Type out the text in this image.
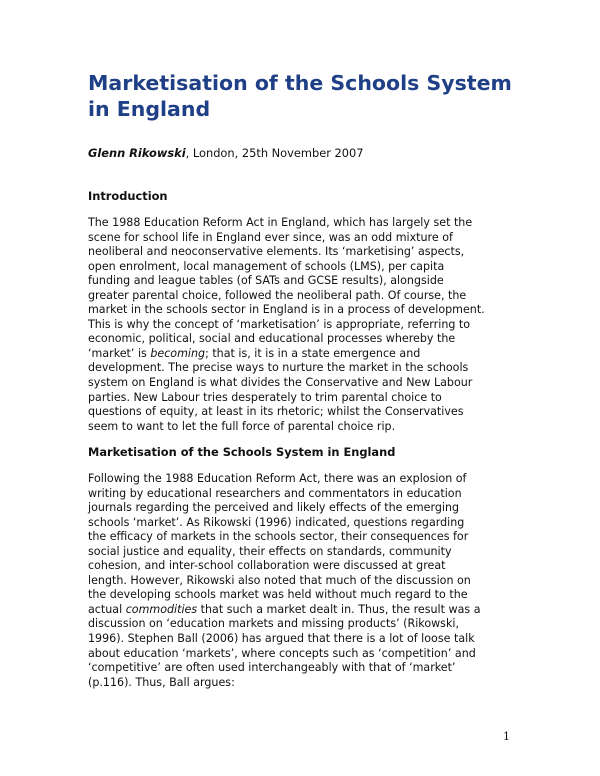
Marketisation of the Schools System
in England

Glenn Rikowski, London, 25th November 2007

Introduction
The 1988 Education Reform Act in England, which has largely set the
scene for school life in England ever since, was an odd mixture of
neoliberal and neoconservative elements. Its ‘marketising’ aspects,
open enrolment, local management of schools (LMS), per capita
funding and league tables (of SATs and GCSE results), alongside
greater parental choice, followed the neoliberal path. Of course, the
market in the schools sector in England is in a process of development.
This is why the concept of ‘marketisation’ is appropriate, referring to
economic, political, social and educational processes whereby the
‘market’ is becoming; that is, it is in a state emergence and
development. The precise ways to nurture the market in the schools
system on England is what divides the Conservative and New Labour
parties. New Labour tries desperately to trim parental choice to
questions of equity, at least in its rhetoric; whilst the Conservatives
seem to want to let the full force of parental choice rip.
Marketisation of the Schools System in England
Following the 1988 Education Reform Act, there was an explosion of
writing by educational researchers and commentators in education
journals regarding the perceived and likely effects of the emerging
schools ‘market’. As Rikowski (1996) indicated, questions regarding
the efficacy of markets in the schools sector, their consequences for
social justice and equality, their effects on standards, community
cohesion, and inter-school collaboration were discussed at great
length. However, Rikowski also noted that much of the discussion on
the developing schools market was held without much regard to the
actual commodities that such a market dealt in. Thus, the result was a
discussion on ‘education markets and missing products’ (Rikowski,
1996). Stephen Ball (2006) has argued that there is a lot of loose talk
about education ‘markets’, where concepts such as ‘competition’ and
‘competitive’ are often used interchangeably with that of ‘market’
(p.116). Thus, Ball argues:

1
